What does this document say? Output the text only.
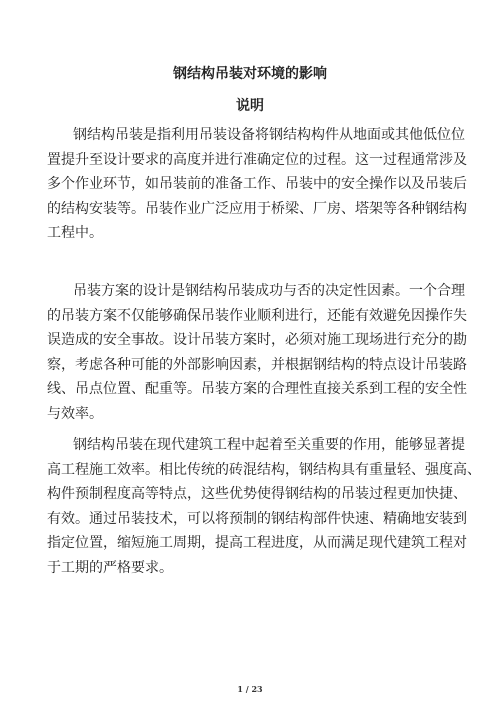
钢结构吊装对环境的影响
说明

钢结构吊装是指利用吊装设备将钢结构构件从地面或其他低位位
置提升至设计要求的高度并进行准确定位的过程。这一过程通常涉及
多个作业环节，如吊装前的准备工作、吊装中的安全操作以及吊装后
的结构安装等。吊装作业广泛应用于桥梁、厂房、塔架等各种钢结构
工程中。

吊装方案的设计是钢结构吊装成功与否的决定性因素。一个合理
的吊装方案不仅能够确保吊装作业顺利进行，还能有效避免因操作失
误造成的安全事故。设计吊装方案时，必须对施工现场进行充分的勘
察，考虑各种可能的外部影响因素，并根据钢结构的特点设计吊装路
线、吊点位置、配重等。吊装方案的合理性直接关系到工程的安全性
与效率。

钢结构吊装在现代建筑工程中起着至关重要的作用，能够显著提
高工程施工效率。相比传统的砖混结构，钢结构具有重量轻、强度高、
构件预制程度高等特点，这些优势使得钢结构的吊装过程更加快捷、
有效。通过吊装技术，可以将预制的钢结构部件快速、精确地安装到
指定位置，缩短施工周期，提高工程进度，从而满足现代建筑工程对
于工期的严格要求。

1 / 23
